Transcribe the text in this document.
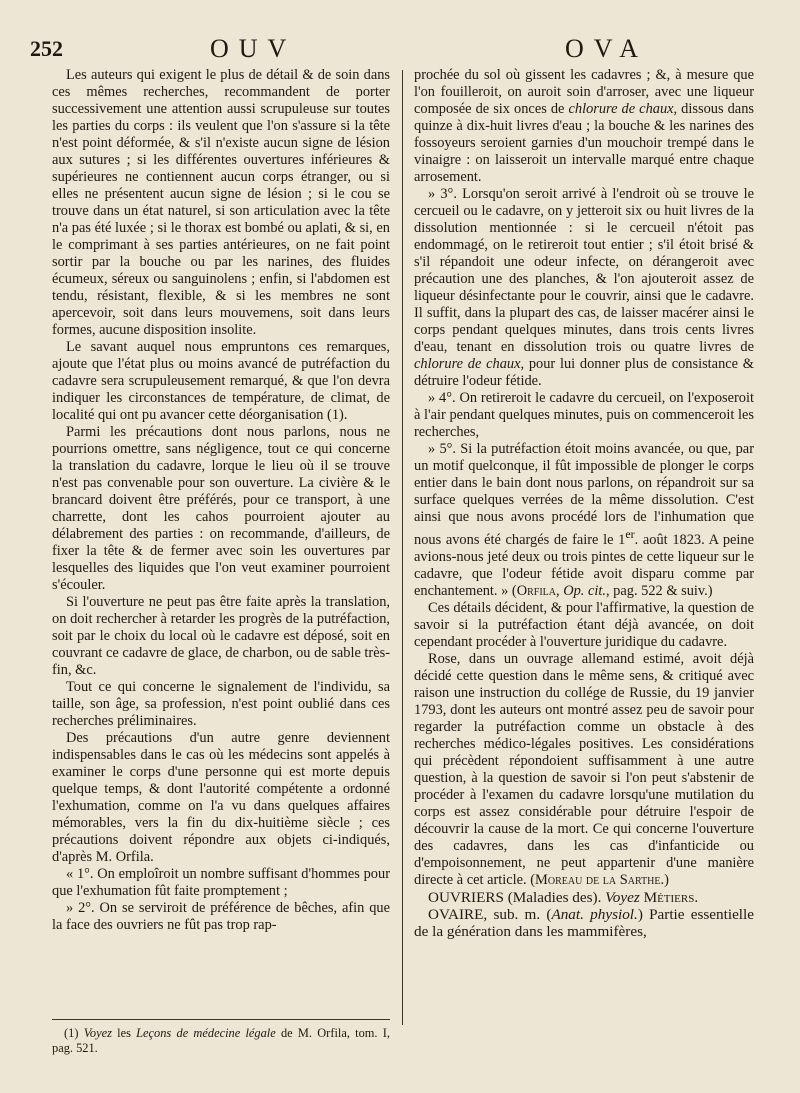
252	OUV	OVA

Les auteurs qui exigent le plus de détail & de soin dans ces mêmes recherches, recommandent de porter successivement une attention aussi scrupuleuse sur toutes les parties du corps : ils veulent que l'on s'assure si la tête n'est point déformée, & s'il n'existe aucun signe de lésion aux sutures ; si les différentes ouvertures inférieures & supérieures ne contiennent aucun corps étranger, ou si elles ne présentent aucun signe de lésion ; si le cou se trouve dans un état naturel, si son articulation avec la tête n'a pas été luxée ; si le thorax est bombé ou aplati, & si, en le comprimant à ses parties antérieures, on ne fait point sortir par la bouche ou par les narines, des fluides écumeux, séreux ou sanguinolens ; enfin, si l'abdomen est tendu, résistant, flexible, & si les membres ne sont apercevoir, soit dans leurs mouvemens, soit dans leurs formes, aucune disposition insolite.

Le savant auquel nous empruntons ces remarques, ajoute que l'état plus ou moins avancé de putréfaction du cadavre sera scrupuleusement remarqué, & que l'on devra indiquer les circonstances de température, de climat, de localité qui ont pu avancer cette déorganisation (1).

Parmi les précautions dont nous parlons, nous ne pourrions omettre, sans négligence, tout ce qui concerne la translation du cadavre, lorque le lieu où il se trouve n'est pas convenable pour son ouverture. La civière & le brancard doivent être préférés, pour ce transport, à une charrette, dont les cahos pourroient ajouter au délabrement des parties : on recommande, d'ailleurs, de fixer la tête & de fermer avec soin les ouvertures par lesquelles des liquides que l'on veut examiner pourroient s'écouler.

Si l'ouverture ne peut pas être faite après la translation, on doit rechercher à retarder les progrès de la putréfaction, soit par le choix du local où le cadavre est déposé, soit en couvrant ce cadavre de glace, de charbon, ou de sable très-fin, &c.

Tout ce qui concerne le signalement de l'individu, sa taille, son âge, sa profession, n'est point oublié dans ces recherches préliminaires.

Des précautions d'un autre genre deviennent indispensables dans le cas où les médecins sont appelés à examiner le corps d'une personne qui est morte depuis quelque temps, & dont l'autorité compétente a ordonné l'exhumation, comme on l'a vu dans quelques affaires mémorables, vers la fin du dix-huitième siècle ; ces précautions doivent répondre aux objets ci-indiqués, d'après M. Orfila.

« 1°. On emploîroit un nombre suffisant d'hommes pour que l'exhumation fût faite promptement ;

» 2°. On se serviroit de préférence de bêches, afin que la face des ouvriers ne fût pas trop rap-

prochée du sol où gissent les cadavres ; &, à mesure que l'on fouilleroit, on auroit soin d'arroser, avec une liqueur composée de six onces de chlorure de chaux, dissous dans quinze à dix-huit livres d'eau ; la bouche & les narines des fossoyeurs seroient garnies d'un mouchoir trempé dans le vinaigre : on laisseroit un intervalle marqué entre chaque arrosement.

» 3°. Lorsqu'on seroit arrivé à l'endroit où se trouve le cercueil ou le cadavre, on y jetteroit six ou huit livres de la dissolution mentionnée : si le cercueil n'étoit pas endommagé, on le retireroit tout entier ; s'il étoit brisé & s'il répandoit une odeur infecte, on dérangeroit avec précaution une des planches, & l'on ajouteroit assez de liqueur désinfectante pour le couvrir, ainsi que le cadavre. Il suffit, dans la plupart des cas, de laisser macérer ainsi le corps pendant quelques minutes, dans trois cents livres d'eau, tenant en dissolution trois ou quatre livres de chlorure de chaux, pour lui donner plus de consistance & détruire l'odeur fétide.

» 4°. On retireroit le cadavre du cercueil, on l'exposeroit à l'air pendant quelques minutes, puis on commenceroit les recherches,

» 5°. Si la putréfaction étoit moins avancée, ou que, par un motif quelconque, il fût impossible de plonger le corps entier dans le bain dont nous parlons, on répandroit sur sa surface quelques verrées de la même dissolution. C'est ainsi que nous avons procédé lors de l'inhumation que nous avons été chargés de faire le 1er. août 1823. A peine avions-nous jeté deux ou trois pintes de cette liqueur sur le cadavre, que l'odeur fétide avoit disparu comme par enchantement. » (Orfila, Op. cit., pag. 522 & suiv.)

Ces détails décident, & pour l'affirmative, la question de savoir si la putréfaction étant déjà avancée, on doit cependant procéder à l'ouverture juridique du cadavre.

Rose, dans un ouvrage allemand estimé, avoit déjà décidé cette question dans le même sens, & critiqué avec raison une instruction du collége de Russie, du 19 janvier 1793, dont les auteurs ont montré assez peu de savoir pour regarder la putréfaction comme un obstacle à des recherches médico-légales positives. Les considérations qui précèdent répondoient suffisamment à une autre question, à la question de savoir si l'on peut s'abstenir de procéder à l'examen du cadavre lorsqu'une mutilation du corps est assez considérable pour détruire l'espoir de découvrir la cause de la mort. Ce qui concerne l'ouverture des cadavres, dans les cas d'infanticide ou d'empoisonnement, ne peut appartenir d'une manière directe à cet article. (Moreau de la Sarthe.)

OUVRIERS (Maladies des). Voyez Métiers.

OVAIRE, sub. m. (Anat. physiol.) Partie essentielle de la génération dans les mammifères,

(1) Voyez les Leçons de médecine légale de M. Orfila, tom. I, pag. 521.
